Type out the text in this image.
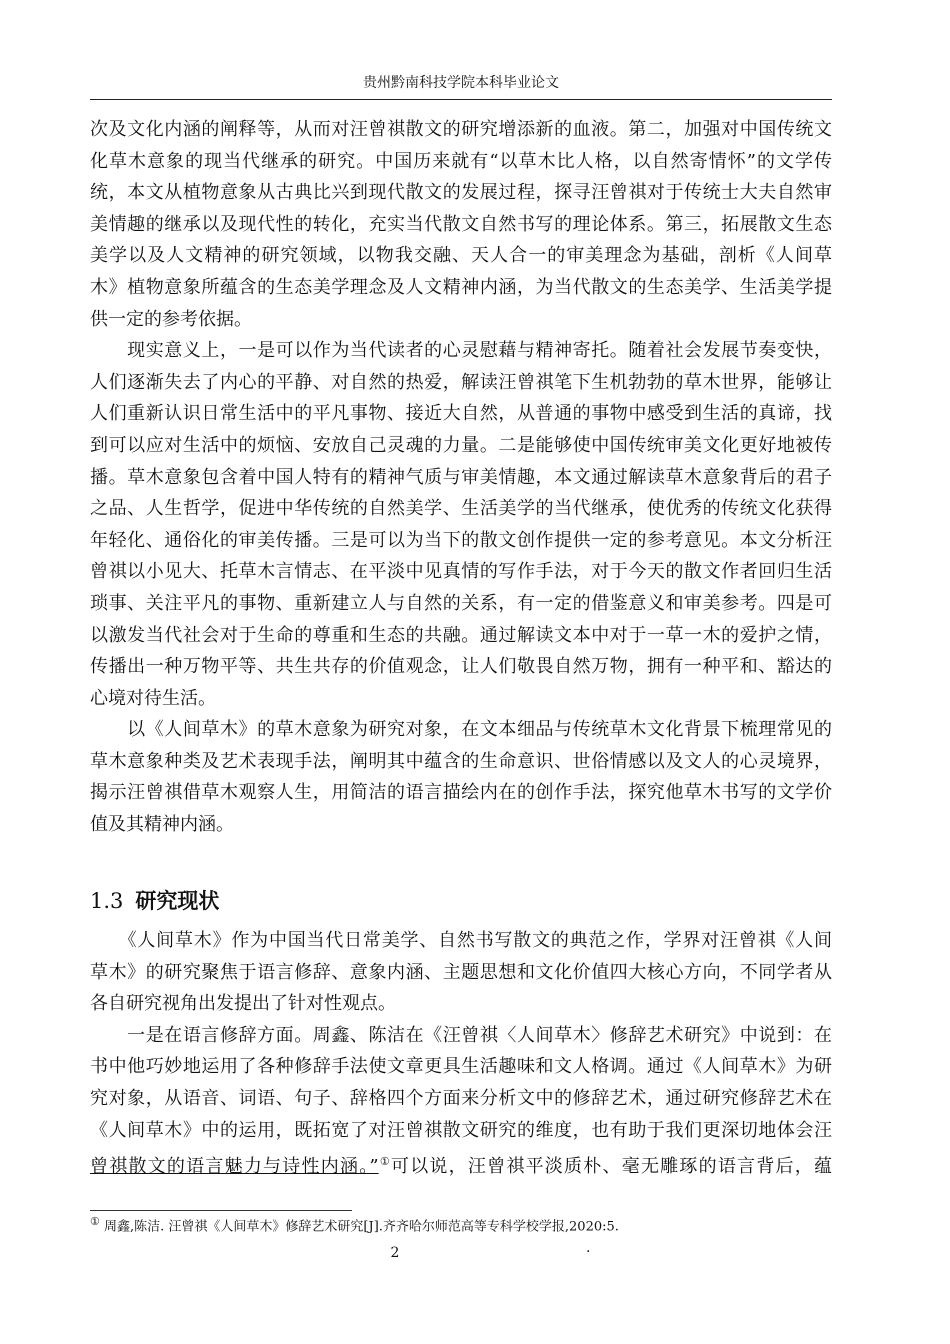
贵州黔南科技学院本科毕业论文
次及文化内涵的阐释等，从而对汪曾祺散文的研究增添新的血液。第二，加强对中国传统文
化草木意象的现当代继承的研究。中国历来就有“以草木比人格，以自然寄情怀”的文学传
统，本文从植物意象从古典比兴到现代散文的发展过程，探寻汪曾祺对于传统士大夫自然审
美情趣的继承以及现代性的转化，充实当代散文自然书写的理论体系。第三，拓展散文生态
美学以及人文精神的研究领域，以物我交融、天人合一的审美理念为基础，剖析《人间草
木》植物意象所蕴含的生态美学理念及人文精神内涵，为当代散文的生态美学、生活美学提
供一定的参考依据。
　　现实意义上，一是可以作为当代读者的心灵慰藉与精神寄托。随着社会发展节奏变快，
人们逐渐失去了内心的平静、对自然的热爱，解读汪曾祺笔下生机勃勃的草木世界，能够让
人们重新认识日常生活中的平凡事物、接近大自然，从普通的事物中感受到生活的真谛，找
到可以应对生活中的烦恼、安放自己灵魂的力量。二是能够使中国传统审美文化更好地被传
播。草木意象包含着中国人特有的精神气质与审美情趣，本文通过解读草木意象背后的君子
之品、人生哲学，促进中华传统的自然美学、生活美学的当代继承，使优秀的传统文化获得
年轻化、通俗化的审美传播。三是可以为当下的散文创作提供一定的参考意见。本文分析汪
曾祺以小见大、托草木言情志、在平淡中见真情的写作手法，对于今天的散文作者回归生活
琐事、关注平凡的事物、重新建立人与自然的关系，有一定的借鉴意义和审美参考。四是可
以激发当代社会对于生命的尊重和生态的共融。通过解读文本中对于一草一木的爱护之情，
传播出一种万物平等、共生共存的价值观念，让人们敬畏自然万物，拥有一种平和、豁达的
心境对待生活。
　　以《人间草木》的草木意象为研究对象，在文本细品与传统草木文化背景下梳理常见的
草木意象种类及艺术表现手法，阐明其中蕴含的生命意识、世俗情感以及文人的心灵境界，
揭示汪曾祺借草木观察人生，用简洁的语言描绘内在的创作手法，探究他草木书写的文学价
值及其精神内涵。
1.3 研究现状
　　《人间草木》作为中国当代日常美学、自然书写散文的典范之作，学界对汪曾祺《人间
草木》的研究聚焦于语言修辞、意象内涵、主题思想和文化价值四大核心方向，不同学者从
各自研究视角出发提出了针对性观点。
　　一是在语言修辞方面。周鑫、陈洁在《汪曾祺〈人间草木〉修辞艺术研究》中说到：在
书中他巧妙地运用了各种修辞手法使文章更具生活趣味和文人格调。通过《人间草木》为研
究对象，从语音、词语、句子、辞格四个方面来分析文中的修辞艺术，通过研究修辞艺术在
《人间草木》中的运用，既拓宽了对汪曾祺散文研究的维度，也有助于我们更深切地体会汪
曾祺散文的语言魅力与诗性内涵。”①可以说，汪曾祺平淡质朴、毫无雕琢的语言背后，蕴
① 周鑫,陈洁. 汪曾祺《人间草木》修辞艺术研究[J].齐齐哈尔师范高等专科学校学报,2020:5.
2	.
